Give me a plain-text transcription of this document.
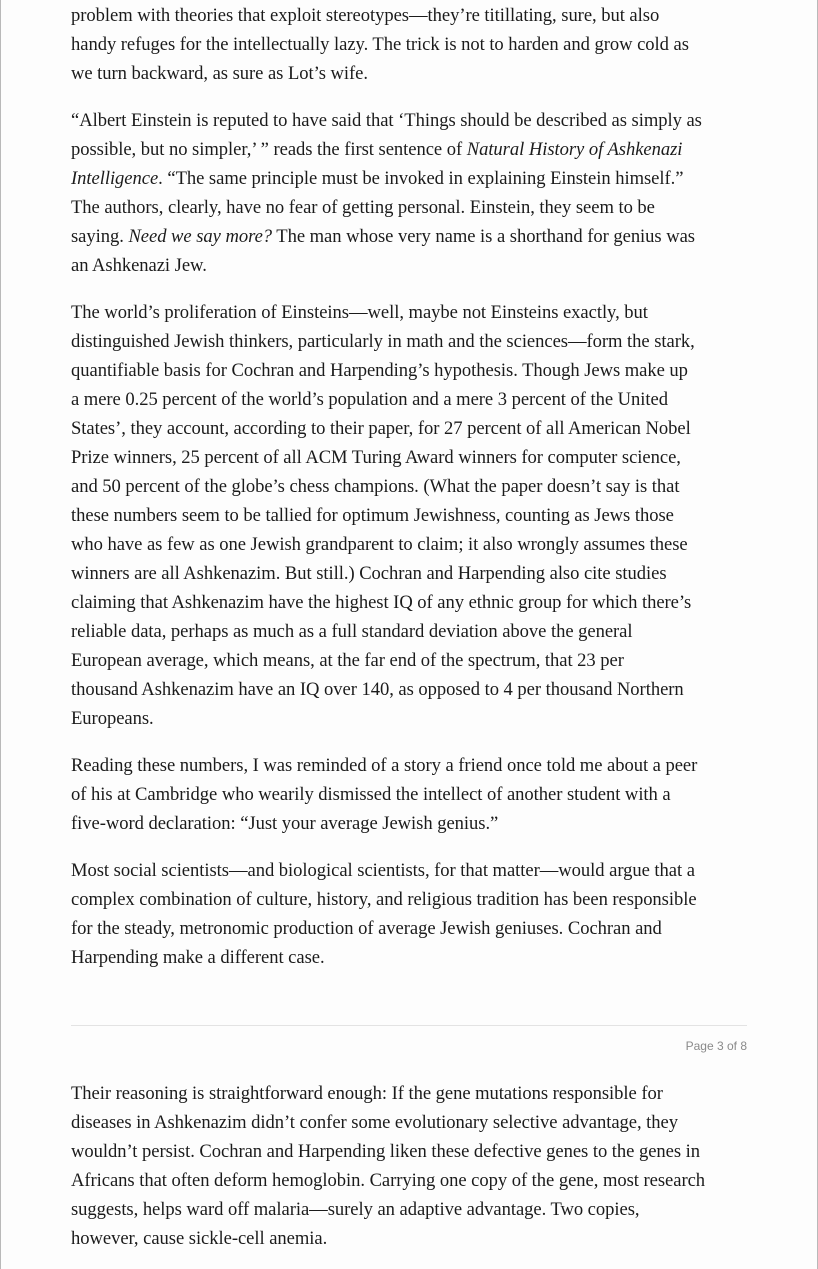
problem with theories that exploit stereotypes—they’re titillating, sure, but also
handy refuges for the intellectually lazy. The trick is not to harden and grow cold as
we turn backward, as sure as Lot’s wife.

“Albert Einstein is reputed to have said that ‘Things should be described as simply as
possible, but no simpler,’ ” reads the first sentence of Natural History of Ashkenazi
Intelligence. “The same principle must be invoked in explaining Einstein himself.”
The authors, clearly, have no fear of getting personal. Einstein, they seem to be
saying. Need we say more? The man whose very name is a shorthand for genius was
an Ashkenazi Jew.

The world’s proliferation of Einsteins—well, maybe not Einsteins exactly, but
distinguished Jewish thinkers, particularly in math and the sciences—form the stark,
quantifiable basis for Cochran and Harpending’s hypothesis. Though Jews make up
a mere 0.25 percent of the world’s population and a mere 3 percent of the United
States’, they account, according to their paper, for 27 percent of all American Nobel
Prize winners, 25 percent of all ACM Turing Award winners for computer science,
and 50 percent of the globe’s chess champions. (What the paper doesn’t say is that
these numbers seem to be tallied for optimum Jewishness, counting as Jews those
who have as few as one Jewish grandparent to claim; it also wrongly assumes these
winners are all Ashkenazim. But still.) Cochran and Harpending also cite studies
claiming that Ashkenazim have the highest IQ of any ethnic group for which there’s
reliable data, perhaps as much as a full standard deviation above the general
European average, which means, at the far end of the spectrum, that 23 per
thousand Ashkenazim have an IQ over 140, as opposed to 4 per thousand Northern
Europeans.

Reading these numbers, I was reminded of a story a friend once told me about a peer
of his at Cambridge who wearily dismissed the intellect of another student with a
five-word declaration: “Just your average Jewish genius.”

Most social scientists—and biological scientists, for that matter—would argue that a
complex combination of culture, history, and religious tradition has been responsible
for the steady, metronomic production of average Jewish geniuses. Cochran and
Harpending make a different case.

Their reasoning is straightforward enough: If the gene mutations responsible for
diseases in Ashkenazim didn’t confer some evolutionary selective advantage, they
wouldn’t persist. Cochran and Harpending liken these defective genes to the genes in
Africans that often deform hemoglobin. Carrying one copy of the gene, most research
suggests, helps ward off malaria—surely an adaptive advantage. Two copies,
however, cause sickle-cell anemia.

Page 3 of 8
